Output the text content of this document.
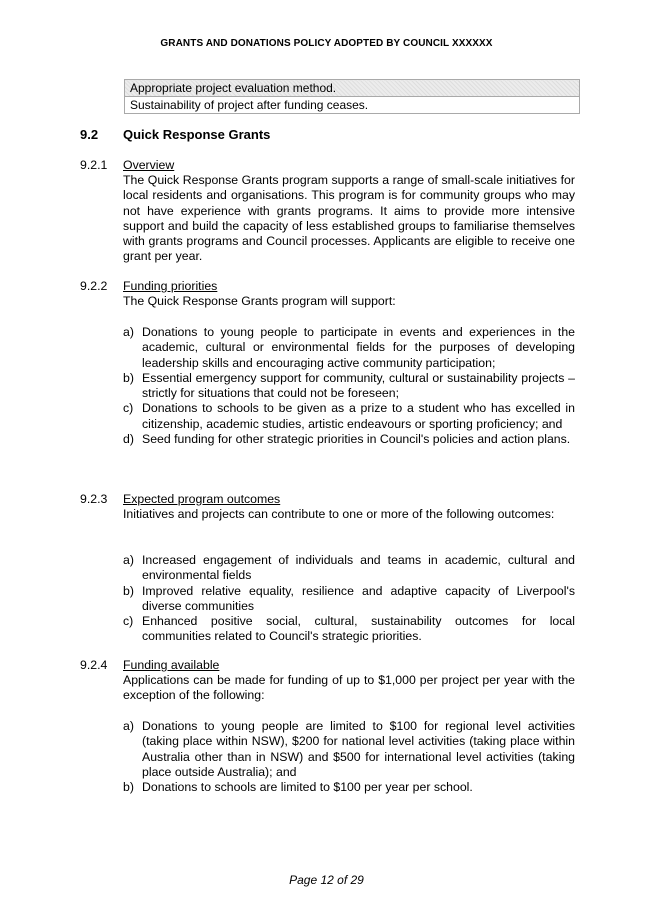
GRANTS AND DONATIONS POLICY ADOPTED BY COUNCIL XXXXXX
Appropriate project evaluation method.
Sustainability of project after funding ceases.
9.2 Quick Response Grants
9.2.1 Overview
The Quick Response Grants program supports a range of small-scale initiatives for local residents and organisations. This program is for community groups who may not have experience with grants programs. It aims to provide more intensive support and build the capacity of less established groups to familiarise themselves with grants programs and Council processes. Applicants are eligible to receive one grant per year.
9.2.2 Funding priorities
The Quick Response Grants program will support:
a) Donations to young people to participate in events and experiences in the academic, cultural or environmental fields for the purposes of developing leadership skills and encouraging active community participation;
b) Essential emergency support for community, cultural or sustainability projects – strictly for situations that could not be foreseen;
c) Donations to schools to be given as a prize to a student who has excelled in citizenship, academic studies, artistic endeavours or sporting proficiency; and
d) Seed funding for other strategic priorities in Council's policies and action plans.
9.2.3 Expected program outcomes
Initiatives and projects can contribute to one or more of the following outcomes:
a) Increased engagement of individuals and teams in academic, cultural and environmental fields
b) Improved relative equality, resilience and adaptive capacity of Liverpool's diverse communities
c) Enhanced positive social, cultural, sustainability outcomes for local communities related to Council's strategic priorities.
9.2.4 Funding available
Applications can be made for funding of up to $1,000 per project per year with the exception of the following:
a) Donations to young people are limited to $100 for regional level activities (taking place within NSW), $200 for national level activities (taking place within Australia other than in NSW) and $500 for international level activities (taking place outside Australia); and
b) Donations to schools are limited to $100 per year per school.
Page 12 of 29
